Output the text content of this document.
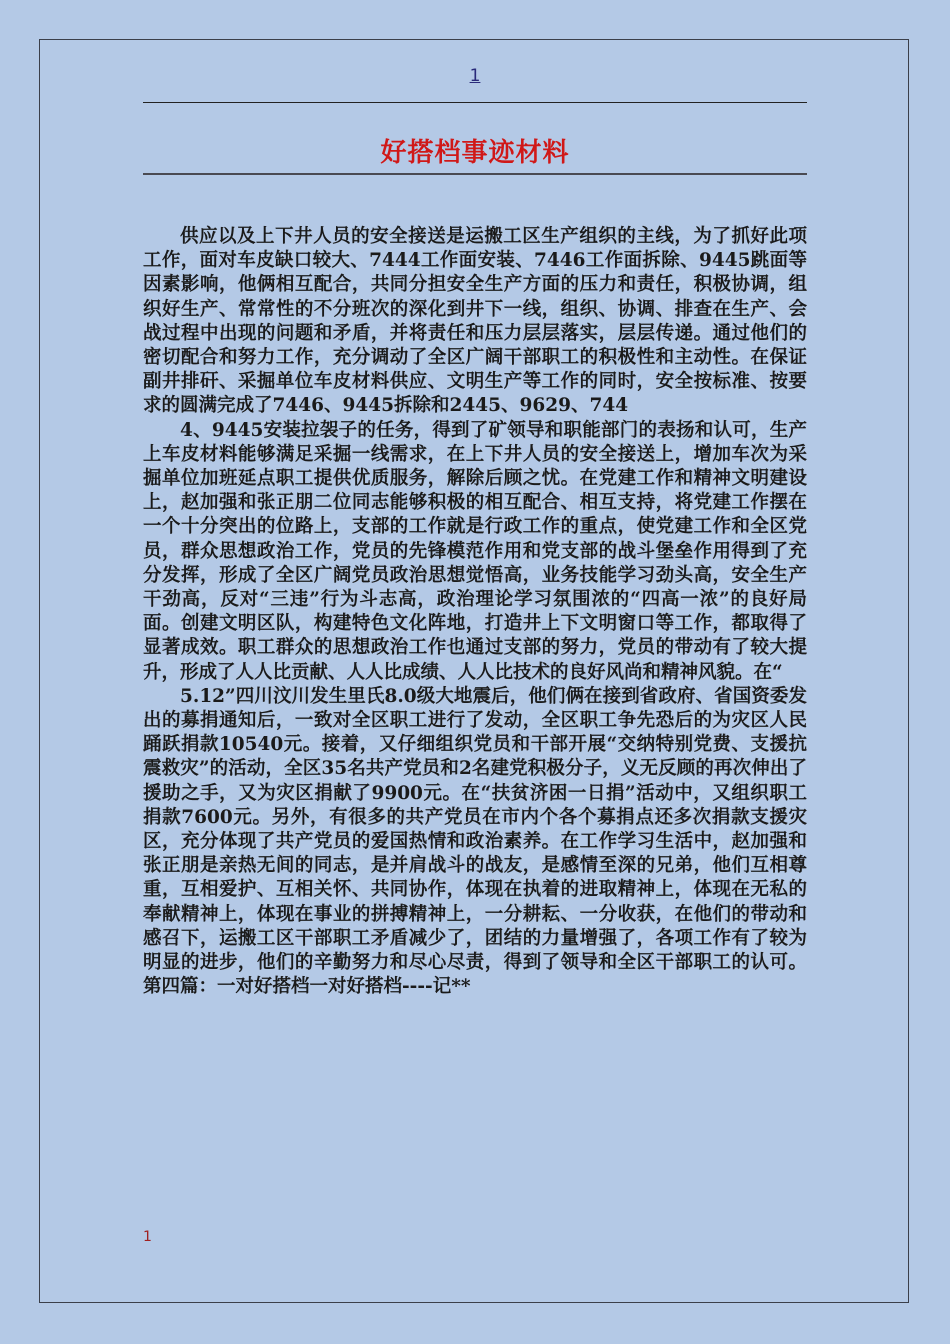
1
好搭档事迹材料

供应以及上下井人员的安全接送是运搬工区生产组织的主线，为了抓好此项工作，面对车皮缺口较大、7444工作面安装、7446工作面拆除、9445跳面等因素影响，他俩相互配合，共同分担安全生产方面的压力和责任，积极协调，组织好生产、常常性的不分班次的深化到井下一线，组织、协调、排查在生产、会战过程中出现的问题和矛盾，并将责任和压力层层落实，层层传递。通过他们的密切配合和努力工作，充分调动了全区广阔干部职工的积极性和主动性。在保证副井排矸、采掘单位车皮材料供应、文明生产等工作的同时，安全按标准、按要求的圆满完成了7446、9445拆除和2445、9629、744

4、9445安装拉袈子的任务，得到了矿领导和职能部门的表扬和认可，生产上车皮材料能够满足采掘一线需求，在上下井人员的安全接送上，增加车次为采掘单位加班延点职工提供优质服务，解除后顾之忧。在党建工作和精神文明建设上，赵加强和张正朋二位同志能够积极的相互配合、相互支持，将党建工作摆在一个十分突出的位路上，支部的工作就是行政工作的重点，使党建工作和全区党员，群众思想政治工作，党员的先锋模范作用和党支部的战斗堡垒作用得到了充分发挥，形成了全区广阔党员政治思想觉悟高，业务技能学习劲头高，安全生产干劲高，反对“三违”行为斗志高，政治理论学习氛围浓的“四高一浓”的良好局面。创建文明区队，构建特色文化阵地，打造井上下文明窗口等工作，都取得了显著成效。职工群众的思想政治工作也通过支部的努力，党员的带动有了较大提升，形成了人人比贡献、人人比成绩、人人比技术的良好风尚和精神风貌。在“

5.12”四川汶川发生里氏8.0级大地震后，他们俩在接到省政府、省国资委发出的募捐通知后，一致对全区职工进行了发动，全区职工争先恐后的为灾区人民踊跃捐款10540元。接着，又仔细组织党员和干部开展“交纳特别党费、支援抗震救灾”的活动，全区35名共产党员和2名建党积极分子，义无反顾的再次伸出了援助之手，又为灾区捐献了9900元。在“扶贫济困一日捐”活动中，又组织职工捐款7600元。另外，有很多的共产党员在市内个各个募捐点还多次捐款支援灾区，充分体现了共产党员的爱国热情和政治素养。在工作学习生活中，赵加强和张正朋是亲热无间的同志，是并肩战斗的战友，是感情至深的兄弟，他们互相尊重，互相爱护、互相关怀、共同协作，体现在执着的进取精神上，体现在无私的奉献精神上，体现在事业的拼搏精神上，一分耕耘、一分收获，在他们的带动和感召下，运搬工区干部职工矛盾减少了，团结的力量增强了，各项工作有了较为明显的进步，他们的辛勤努力和尽心尽责，得到了领导和全区干部职工的认可。第四篇：一对好搭档一对好搭档----记**

1
